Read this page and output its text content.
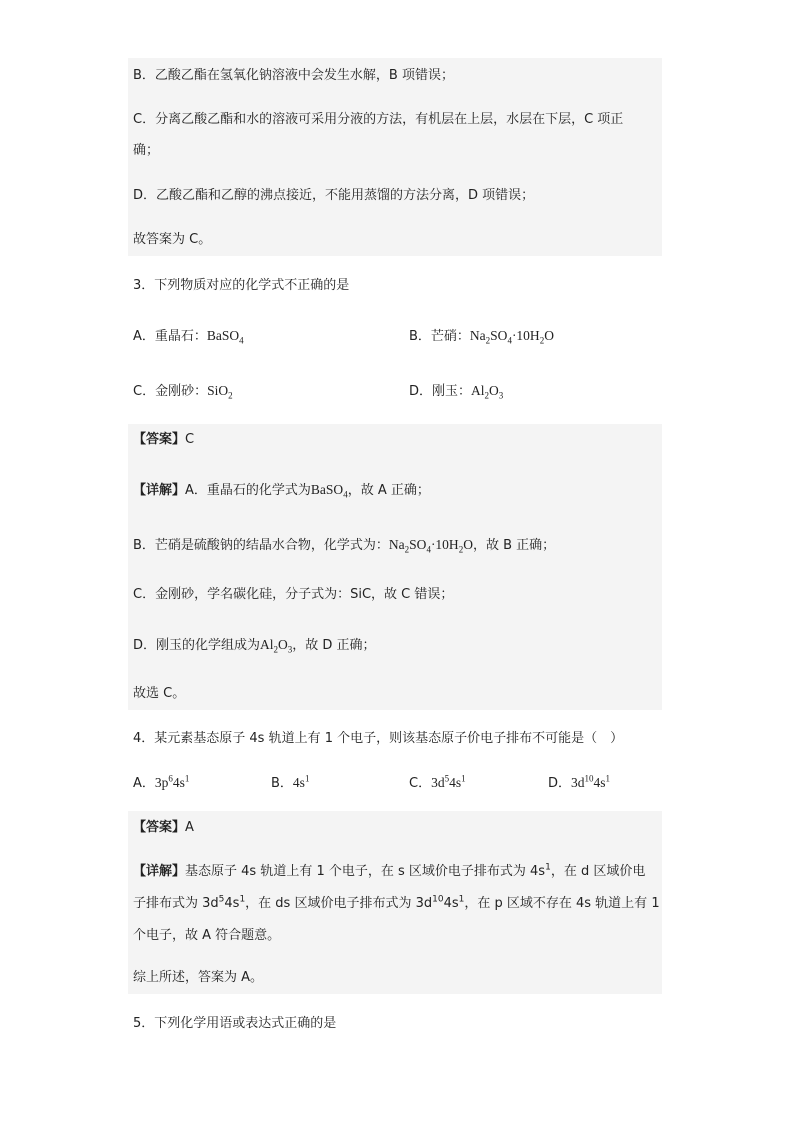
B．乙酸乙酯在氢氧化钠溶液中会发生水解，B 项错误；
C．分离乙酸乙酯和水的溶液可采用分液的方法，有机层在上层，水层在下层，C 项正
确；
D．乙酸乙酯和乙醇的沸点接近，不能用蒸馏的方法分离，D 项错误；
故答案为 C。
3．下列物质对应的化学式不正确的是
A．重晶石：BaSO$_4$	B．芒硝：$Na_2SO_4\cdot 10H_2O$
C．金刚砂：SiO$_2$	D．刚玉：$Al_2O_3$
【答案】C
【详解】A．重晶石的化学式为BaSO$_4$，故 A 正确；
B．芒硝是硫酸钠的结晶水合物，化学式为：$Na_2SO_4\cdot 10H_2O$，故 B 正确；
C．金刚砂，学名碳化硅，分子式为：SiC，故 C 错误；
D．刚玉的化学组成为$Al_2O_3$，故 D 正确；
故选 C。
4．某元素基态原子 4s 轨道上有 1 个电子，则该基态原子价电子排布不可能是（　）
A．$3p^64s^1$	B．$4s^1$	C．$3d^54s^1$	D．$3d^{10}4s^1$
【答案】A
【详解】基态原子 4s 轨道上有 1 个电子，在 s 区域价电子排布式为 $4s^1$，在 d 区域价电
子排布式为 $3d^54s^1$，在 ds 区域价电子排布式为 $3d^{10}4s^1$，在 p 区域不存在 4s 轨道上有 1
个电子，故 A 符合题意。
综上所述，答案为 A。
5．下列化学用语或表达式正确的是
